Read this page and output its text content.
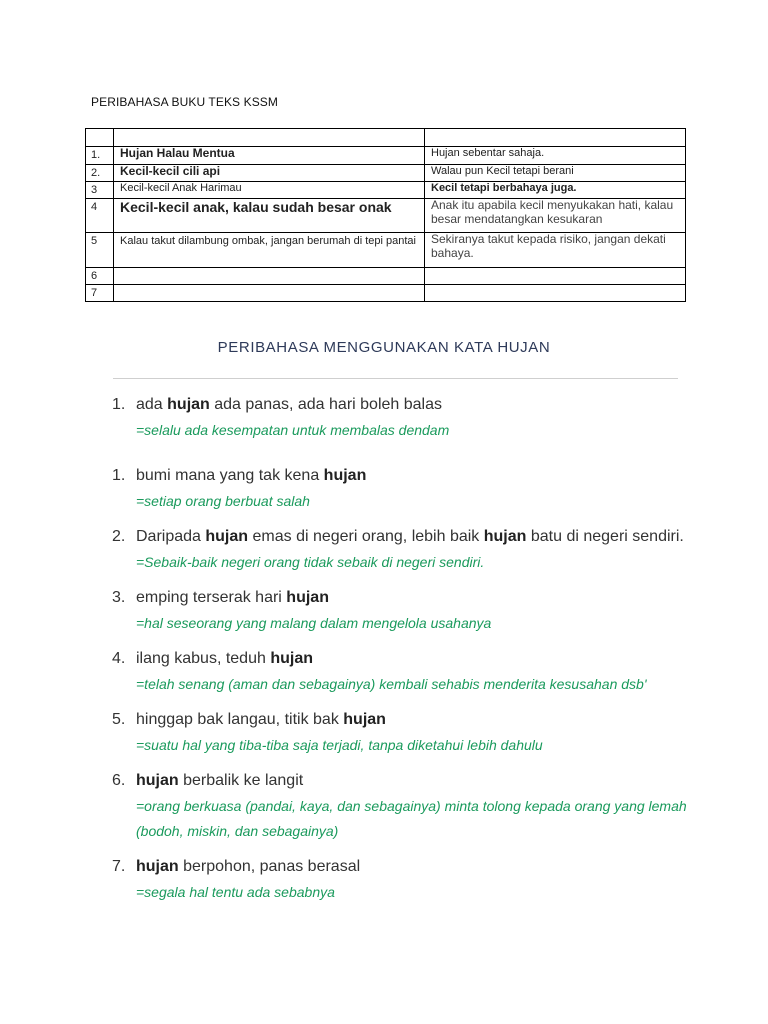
PERIBAHASA BUKU TEKS KSSM

1.	Hujan Halau Mentua	Hujan sebentar sahaja.
2.	Kecil-kecil cili api	Walau pun Kecil tetapi berani
3	Kecil-kecil Anak Harimau	Kecil tetapi berbahaya juga.
4	Kecil-kecil anak, kalau sudah besar onak	Anak itu apabila kecil menyukakan hati, kalau besar mendatangkan kesukaran
5	Kalau takut dilambung ombak, jangan berumah di tepi pantai	Sekiranya takut kepada risiko, jangan dekati bahaya.
6		
7		
PERIBAHASA MENGGUNAKAN KATA HUJAN
1. ada hujan ada panas, ada hari boleh balas
=selalu ada kesempatan untuk membalas dendam
1. bumi mana yang tak kena hujan
=setiap orang berbuat salah
2. Daripada hujan emas di negeri orang, lebih baik hujan batu di negeri sendiri.
=Sebaik-baik negeri orang tidak sebaik di negeri sendiri.
3. emping terserak hari hujan
=hal seseorang yang malang dalam mengelola usahanya
4. ilang kabus, teduh hujan
=telah senang (aman dan sebagainya) kembali sehabis menderita kesusahan dsb'
5. hinggap bak langau, titik bak hujan
=suatu hal yang tiba-tiba saja terjadi, tanpa diketahui lebih dahulu
6. hujan berbalik ke langit
=orang berkuasa (pandai, kaya, dan sebagainya) minta tolong kepada orang yang lemah (bodoh, miskin, dan sebagainya)
7. hujan berpohon, panas berasal
=segala hal tentu ada sebabnya
